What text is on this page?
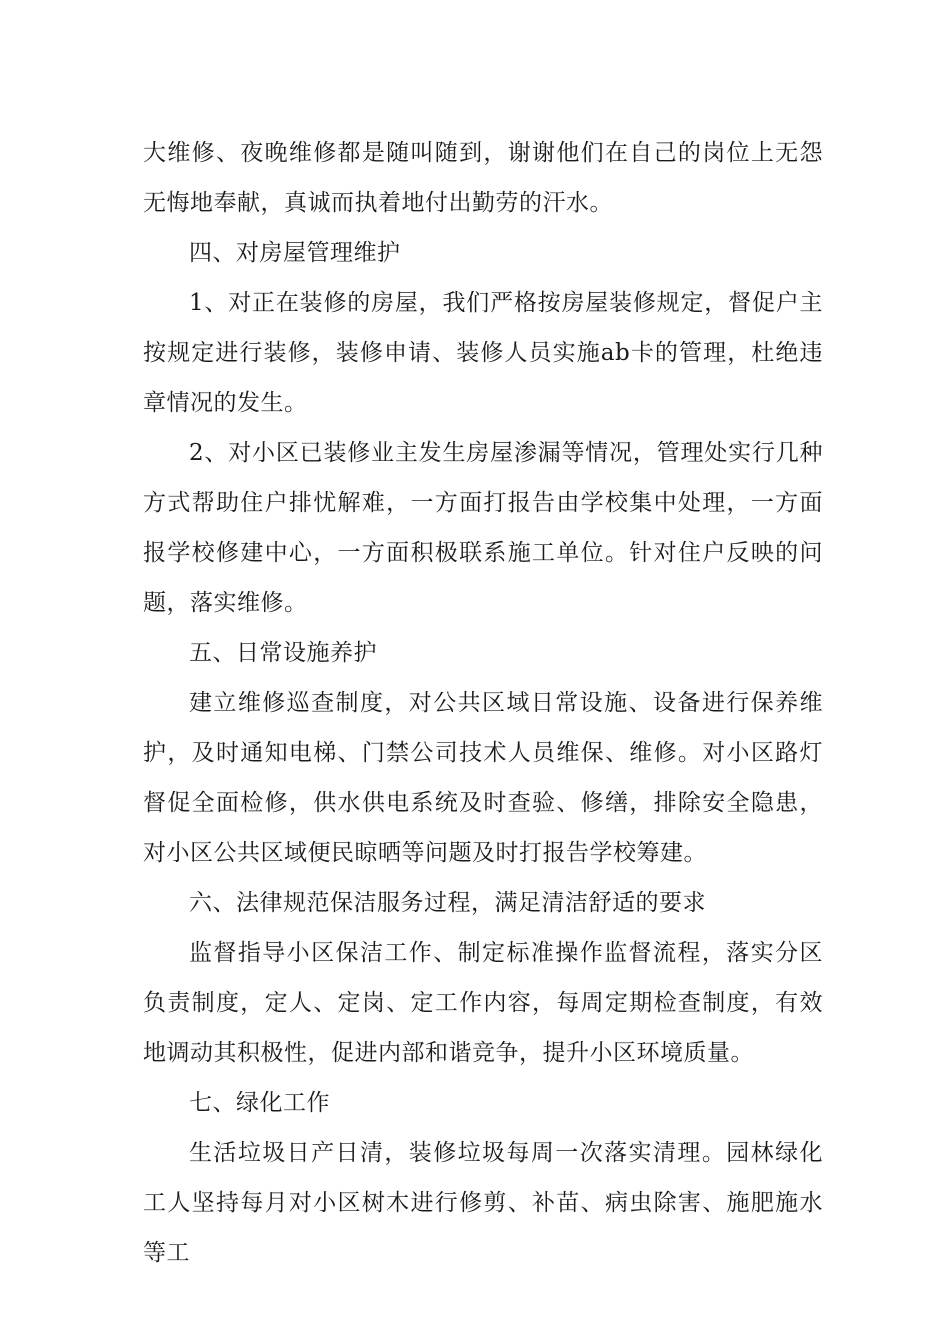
大维修、夜晚维修都是随叫随到，谢谢他们在自己的岗位上无怨无悔地奉献，真诚而执着地付出勤劳的汗水。

四、对房屋管理维护

1、对正在装修的房屋，我们严格按房屋装修规定，督促户主按规定进行装修，装修申请、装修人员实施ab卡的管理，杜绝违章情况的发生。

2、对小区已装修业主发生房屋渗漏等情况，管理处实行几种方式帮助住户排忧解难，一方面打报告由学校集中处理，一方面报学校修建中心，一方面积极联系施工单位。针对住户反映的问题，落实维修。

五、日常设施养护

建立维修巡查制度，对公共区域日常设施、设备进行保养维护，及时通知电梯、门禁公司技术人员维保、维修。对小区路灯督促全面检修，供水供电系统及时查验、修缮，排除安全隐患，对小区公共区域便民晾晒等问题及时打报告学校筹建。

六、法律规范保洁服务过程，满足清洁舒适的要求

监督指导小区保洁工作、制定标准操作监督流程，落实分区负责制度，定人、定岗、定工作内容，每周定期检查制度，有效地调动其积极性，促进内部和谐竞争，提升小区环境质量。

七、绿化工作

生活垃圾日产日清，装修垃圾每周一次落实清理。园林绿化工人坚持每月对小区树木进行修剪、补苗、病虫除害、施肥施水等工
